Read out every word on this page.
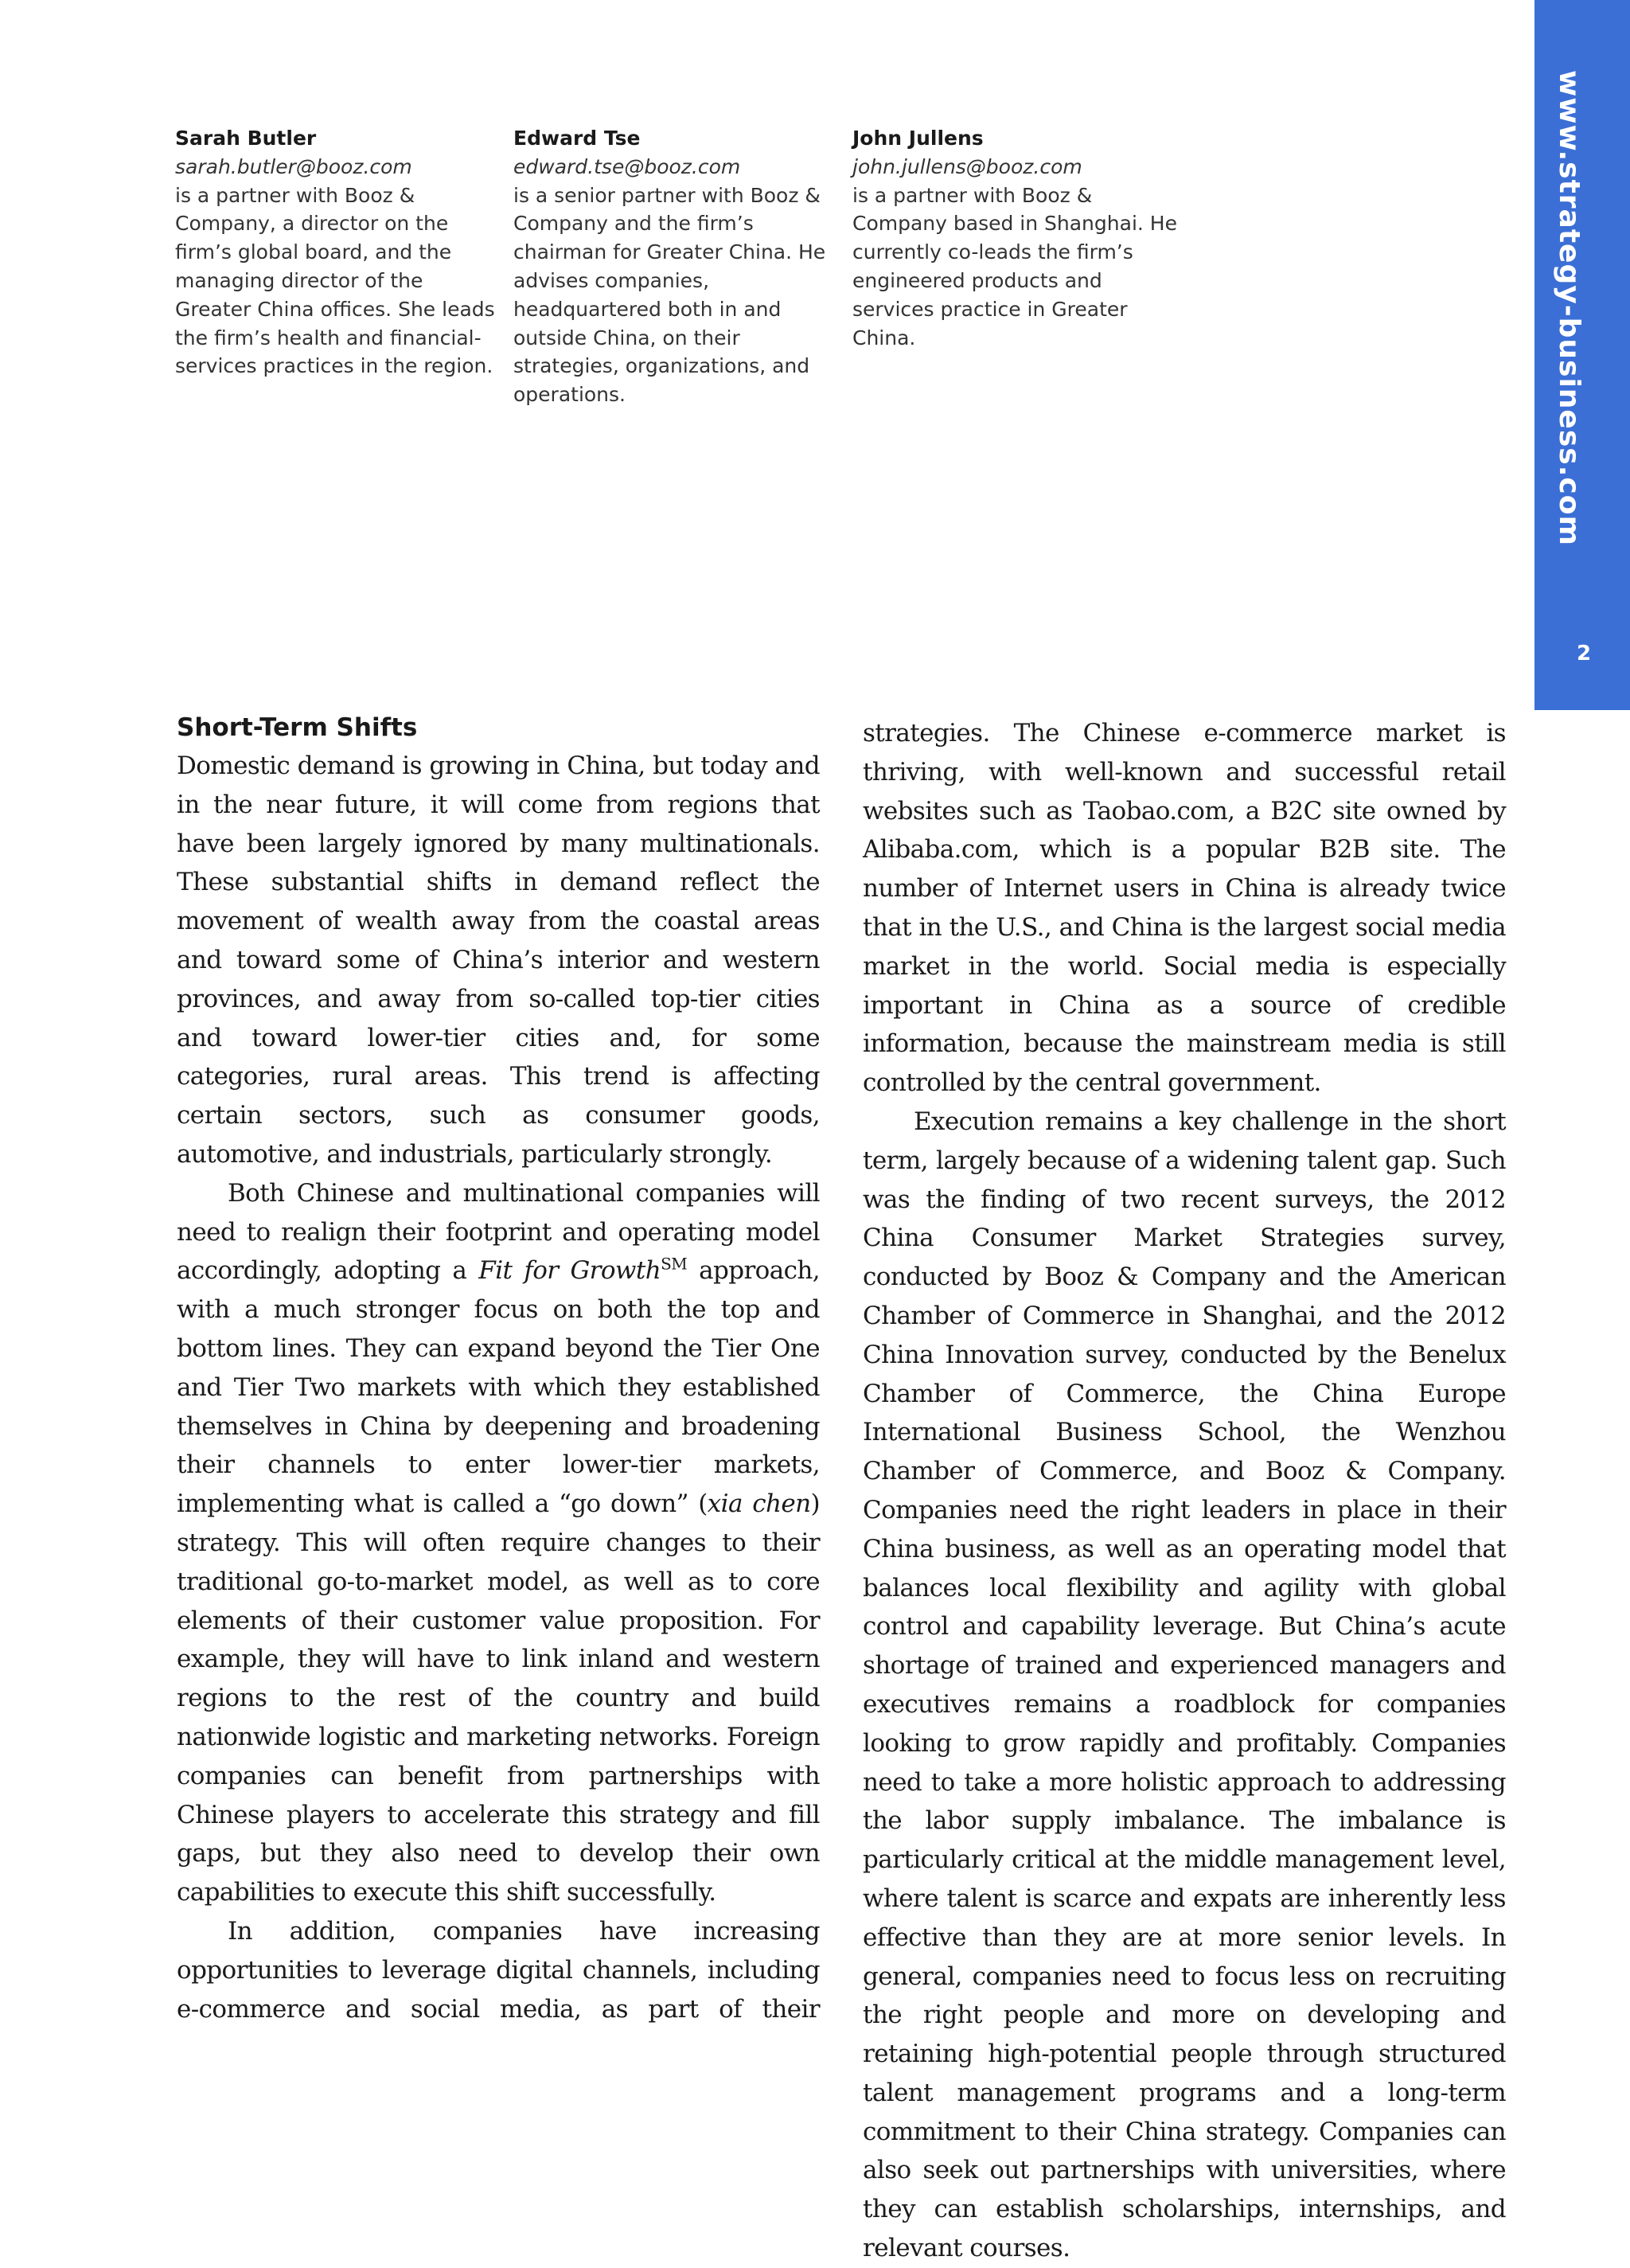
www.strategy-business.com
2
Sarah Butler
sarah.butler@booz.com
is a partner with Booz & Company, a director on the firm’s global board, and the managing director of the Greater China offices. She leads the firm’s health and financial-services practices in the region.
Edward Tse
edward.tse@booz.com
is a senior partner with Booz & Company and the firm’s chairman for Greater China. He advises companies, headquartered both in and outside China, on their strategies, organizations, and operations.
John Jullens
john.jullens@booz.com
is a partner with Booz & Company based in Shanghai. He currently co-leads the firm’s engineered products and services practice in Greater China.
Short-Term Shifts

Domestic demand is growing in China, but today and in the near future, it will come from regions that have been largely ignored by many multinationals. These substantial shifts in demand reflect the movement of wealth away from the coastal areas and toward some of China’s interior and western provinces, and away from so-called top-tier cities and toward lower-tier cities and, for some categories, rural areas. This trend is affecting certain sectors, such as consumer goods, automotive, and industrials, particularly strongly.

Both Chinese and multinational companies will need to realign their footprint and operating model accordingly, adopting a Fit for Growth℠ approach, with a much stronger focus on both the top and bottom lines. They can expand beyond the Tier One and Tier Two markets with which they established themselves in China by deepening and broadening their channels to enter lower-tier markets, implementing what is called a “go down” (xia chen) strategy. This will often require changes to their traditional go-to-market model, as well as to core elements of their customer value proposition. For example, they will have to link inland and western regions to the rest of the country and build nationwide logistic and marketing networks. Foreign companies can benefit from partnerships with Chinese players to accelerate this strategy and fill gaps, but they also need to develop their own capabilities to execute this shift successfully.

In addition, companies have increasing opportunities to leverage digital channels, including e-commerce and social media, as part of their

strategies. The Chinese e-commerce market is thriving, with well-known and successful retail websites such as Taobao.com, a B2C site owned by Alibaba.com, which is a popular B2B site. The number of Internet users in China is already twice that in the U.S., and China is the largest social media market in the world. Social media is especially important in China as a source of credible information, because the mainstream media is still controlled by the central government.

Execution remains a key challenge in the short term, largely because of a widening talent gap. Such was the finding of two recent surveys, the 2012 China Consumer Market Strategies survey, conducted by Booz & Company and the American Chamber of Commerce in Shanghai, and the 2012 China Innovation survey, conducted by the Benelux Chamber of Commerce, the China Europe International Business School, the Wenzhou Chamber of Commerce, and Booz & Company. Companies need the right leaders in place in their China business, as well as an operating model that balances local flexibility and agility with global control and capability leverage. But China’s acute shortage of trained and experienced managers and executives remains a roadblock for companies looking to grow rapidly and profitably. Companies need to take a more holistic approach to addressing the labor supply imbalance. The imbalance is particularly critical at the middle management level, where talent is scarce and expats are inherently less effective than they are at more senior levels. In general, companies need to focus less on recruiting the right people and more on developing and retaining high-potential people through structured talent management programs and a long-term commitment to their China strategy. Companies can also seek out partnerships with universities, where they can establish scholarships, internships, and relevant courses.
